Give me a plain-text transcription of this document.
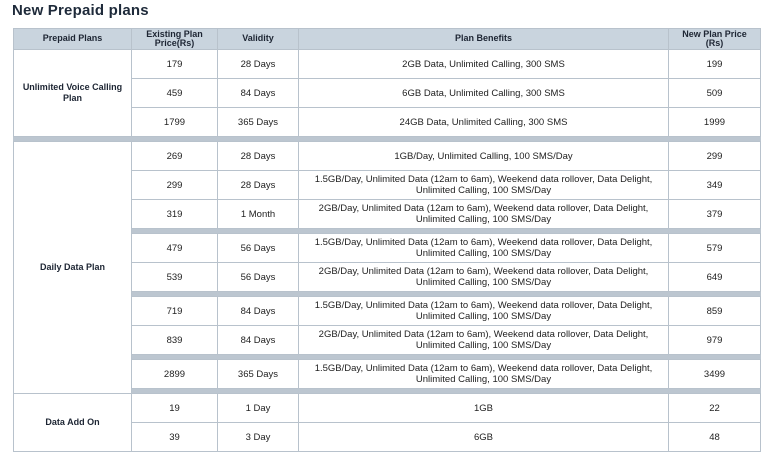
New Prepaid plans
Prepaid Plans	Existing Plan Price(Rs)	Validity	Plan Benefits	New Plan Price (Rs)
Unlimited Voice Calling Plan	179	28 Days	2GB Data, Unlimited Calling, 300 SMS	199
	459	84 Days	6GB Data, Unlimited Calling, 300 SMS	509
	1799	365 Days	24GB Data, Unlimited Calling, 300 SMS	1999

Daily Data Plan	269	28 Days	1GB/Day, Unlimited Calling, 100 SMS/Day	299
	299	28 Days	1.5GB/Day, Unlimited Data (12am to 6am), Weekend data rollover, Data Delight, Unlimited Calling, 100 SMS/Day	349
	319	1 Month	2GB/Day, Unlimited Data (12am to 6am), Weekend data rollover, Data Delight, Unlimited Calling, 100 SMS/Day	379

	479	56 Days	1.5GB/Day, Unlimited Data (12am to 6am), Weekend data rollover, Data Delight, Unlimited Calling, 100 SMS/Day	579
	539	56 Days	2GB/Day, Unlimited Data (12am to 6am), Weekend data rollover, Data Delight, Unlimited Calling, 100 SMS/Day	649

	719	84 Days	1.5GB/Day, Unlimited Data (12am to 6am), Weekend data rollover, Data Delight, Unlimited Calling, 100 SMS/Day	859
	839	84 Days	2GB/Day, Unlimited Data (12am to 6am), Weekend data rollover, Data Delight, Unlimited Calling, 100 SMS/Day	979

	2899	365 Days	1.5GB/Day, Unlimited Data (12am to 6am), Weekend data rollover, Data Delight, Unlimited Calling, 100 SMS/Day	3499

Data Add On	19	1 Day	1GB	22
	39	3 Day	6GB	48
